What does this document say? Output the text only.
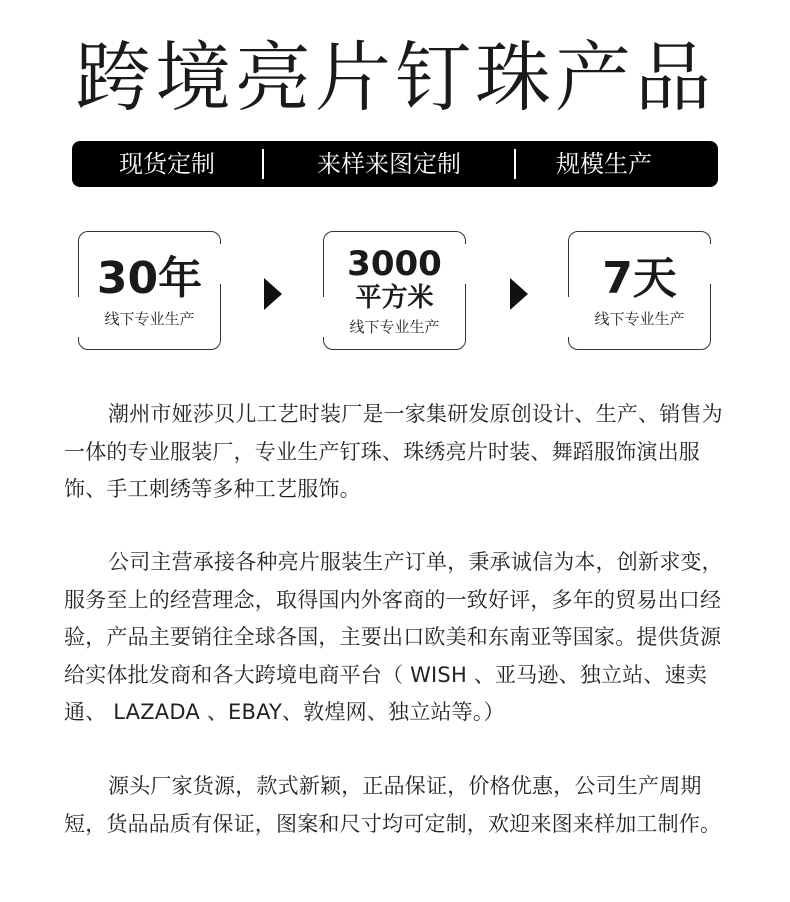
跨境亮片钉珠产品
现货定制	来样来图定制	规模生产
30年
线下专业生产
3000
平方米
线下专业生产
7天
线下专业生产

潮州市娅莎贝儿工艺时装厂是一家集研发原创设计、生产、销售为一体的专业服装厂，专业生产钉珠、珠绣亮片时装、舞蹈服饰演出服饰、手工刺绣等多种工艺服饰。

公司主营承接各种亮片服装生产订单，秉承诚信为本，创新求变，服务至上的经营理念，取得国内外客商的一致好评，多年的贸易出口经验，产品主要销往全球各国，主要出口欧美和东南亚等国家。提供货源给实体批发商和各大跨境电商平台（ WISH 、亚马逊、独立站、速卖通、 LAZADA 、EBAY、敦煌网、独立站等。）

源头厂家货源，款式新颖，正品保证，价格优惠，公司生产周期短，货品品质有保证，图案和尺寸均可定制，欢迎来图来样加工制作。
